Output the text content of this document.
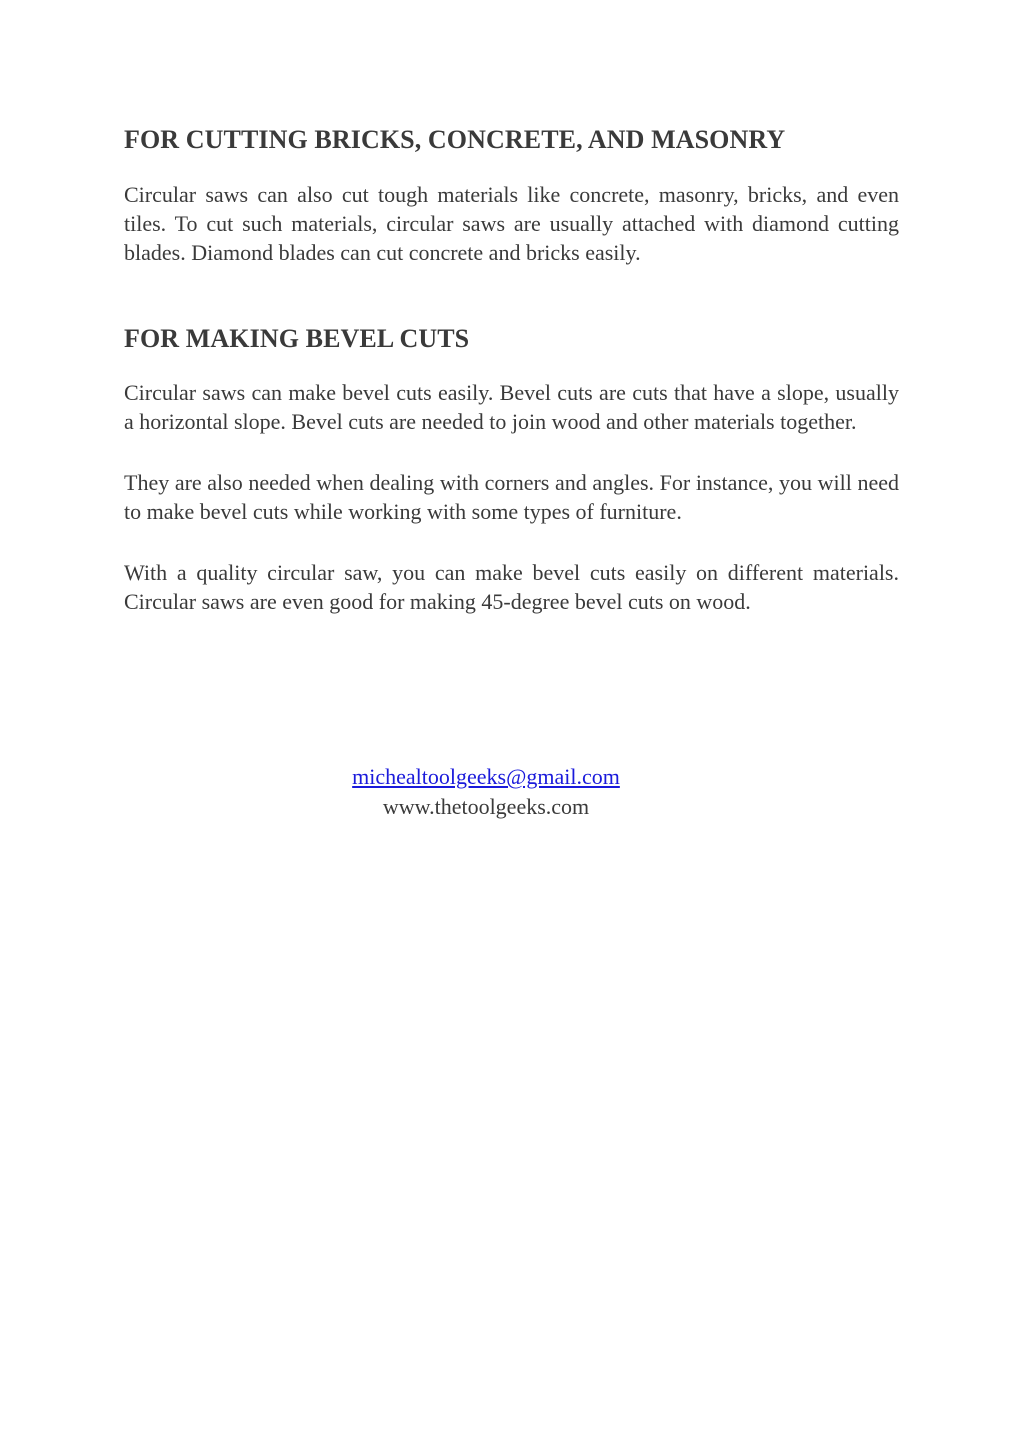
FOR CUTTING BRICKS, CONCRETE, AND MASONRY

Circular saws can also cut tough materials like concrete, masonry, bricks, and even tiles. To cut such materials, circular saws are usually attached with diamond cutting blades. Diamond blades can cut concrete and bricks easily.

FOR MAKING BEVEL CUTS

Circular saws can make bevel cuts easily. Bevel cuts are cuts that have a slope, usually a horizontal slope. Bevel cuts are needed to join wood and other materials together.

They are also needed when dealing with corners and angles. For instance, you will need to make bevel cuts while working with some types of furniture.

With a quality circular saw, you can make bevel cuts easily on different materials. Circular saws are even good for making 45-degree bevel cuts on wood.

michealtoolgeeks@gmail.com
www.thetoolgeeks.com
